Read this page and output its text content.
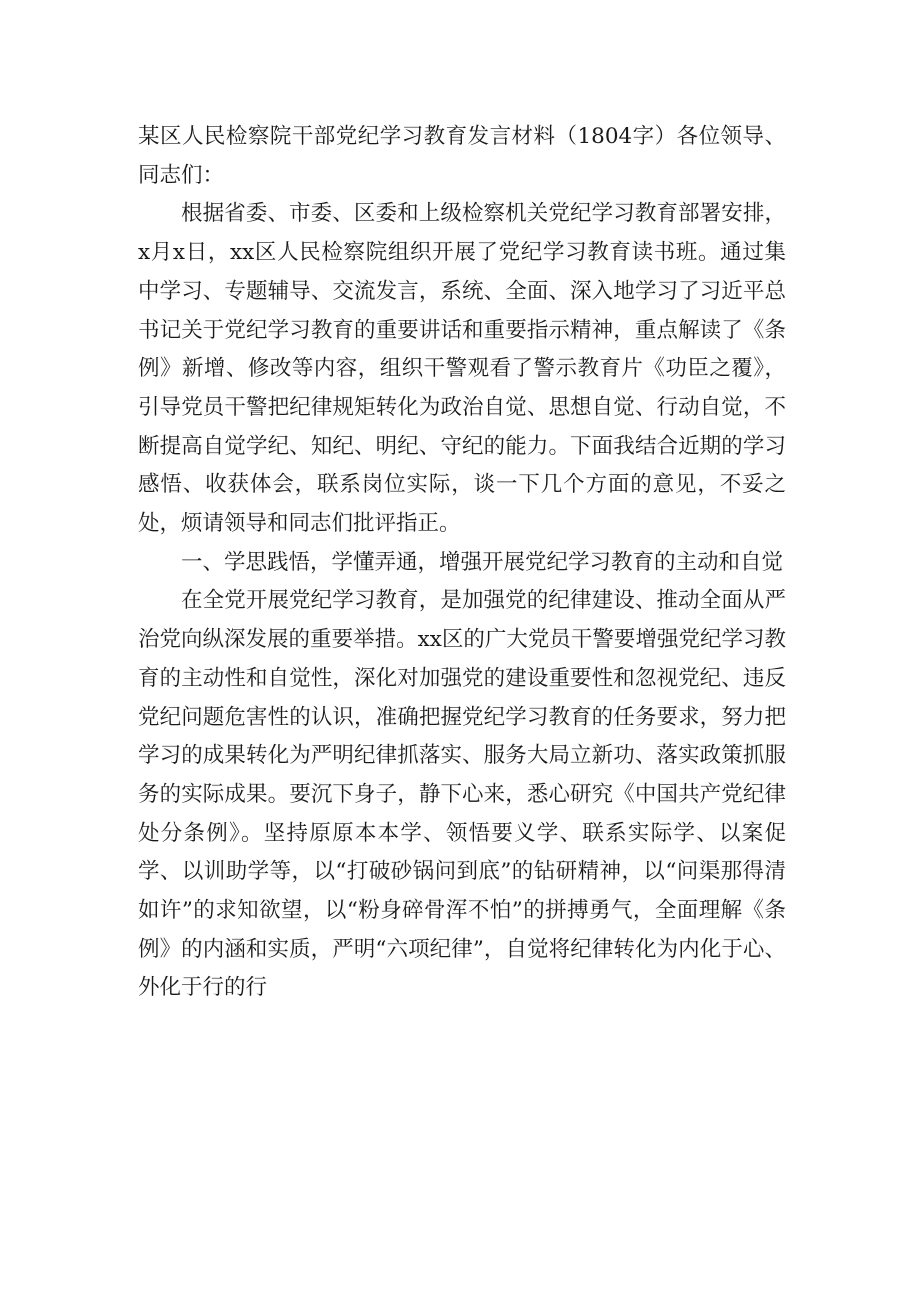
某区人民检察院干部党纪学习教育发言材料（1804字）各位领导、同志们：

根据省委、市委、区委和上级检察机关党纪学习教育部署安排，x月x日，xx区人民检察院组织开展了党纪学习教育读书班。通过集中学习、专题辅导、交流发言，系统、全面、深入地学习了习近平总书记关于党纪学习教育的重要讲话和重要指示精神，重点解读了《条例》新增、修改等内容，组织干警观看了警示教育片《功臣之覆》，引导党员干警把纪律规矩转化为政治自觉、思想自觉、行动自觉，不断提高自觉学纪、知纪、明纪、守纪的能力。下面我结合近期的学习感悟、收获体会，联系岗位实际，谈一下几个方面的意见，不妥之处，烦请领导和同志们批评指正。

一、学思践悟，学懂弄通，增强开展党纪学习教育的主动和自觉

在全党开展党纪学习教育，是加强党的纪律建设、推动全面从严治党向纵深发展的重要举措。xx区的广大党员干警要增强党纪学习教育的主动性和自觉性，深化对加强党的建设重要性和忽视党纪、违反党纪问题危害性的认识，准确把握党纪学习教育的任务要求，努力把学习的成果转化为严明纪律抓落实、服务大局立新功、落实政策抓服务的实际成果。要沉下身子，静下心来，悉心研究《中国共产党纪律处分条例》。坚持原原本本学、领悟要义学、联系实际学、以案促学、以训助学等，以“打破砂锅问到底”的钻研精神，以“问渠那得清如许”的求知欲望，以“粉身碎骨浑不怕”的拼搏勇气，全面理解《条例》的内涵和实质，严明“六项纪律”，自觉将纪律转化为内化于心、外化于行的行
